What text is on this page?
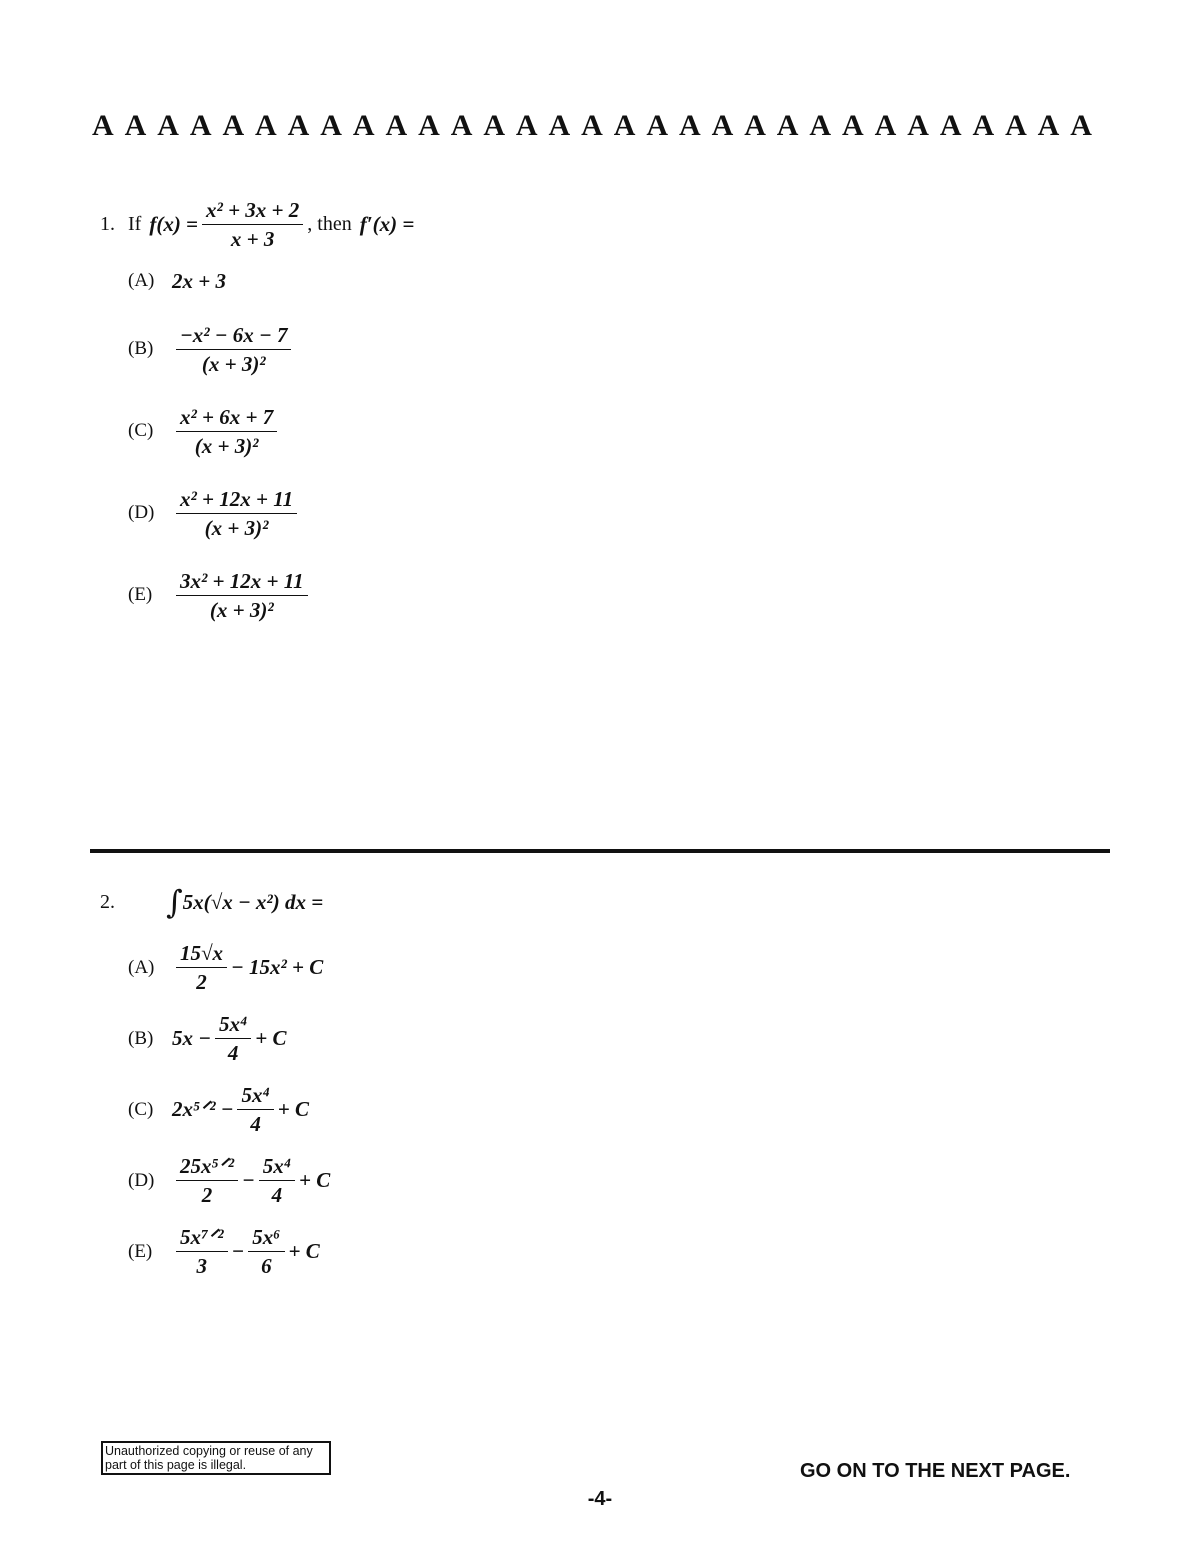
A A A A A A A A A A A A A A A A A A A A A A A A A A A A A A A
1. If $f(x) = \frac{\text{x² + 3x + 2}}{x + 3}$ , then f′(x) =
(A) 2x + 3
(B)	$\frac{\text{−x² − 6x − 7}}{\text{(x + 3)²}}$
(C)	$\frac{\text{x² + 6x + 7}}{\text{(x + 3)²}}$
(D)	$\frac{\text{x² + 12x + 11}}{\text{(x + 3)²}}$
(E)	$\frac{\text{3x² + 12x + 11}}{\text{(x + 3)²}}$
2.	∫ 5x(√x − x²) dx =
(A)	$\frac{15√x}{2} - 15x^2 + C$
(B) $5x - \frac{\text{5x⁴}}{4} + C$
(C) 2x⁵ᐟ² − $\frac{\text{5x⁴}}{4} + C$
(D)	$\frac{\text{25x⁵ᐟ²}}{2} - \frac{\text{5x⁴}}{4} + C$
(E)	$\frac{\text{5x⁷ᐟ²}}{3} - \frac{\text{5x⁶}}{6} + C$
Unauthorized copying or reuse of any part of this page is illegal.	GO ON TO THE NEXT PAGE.
-4-
